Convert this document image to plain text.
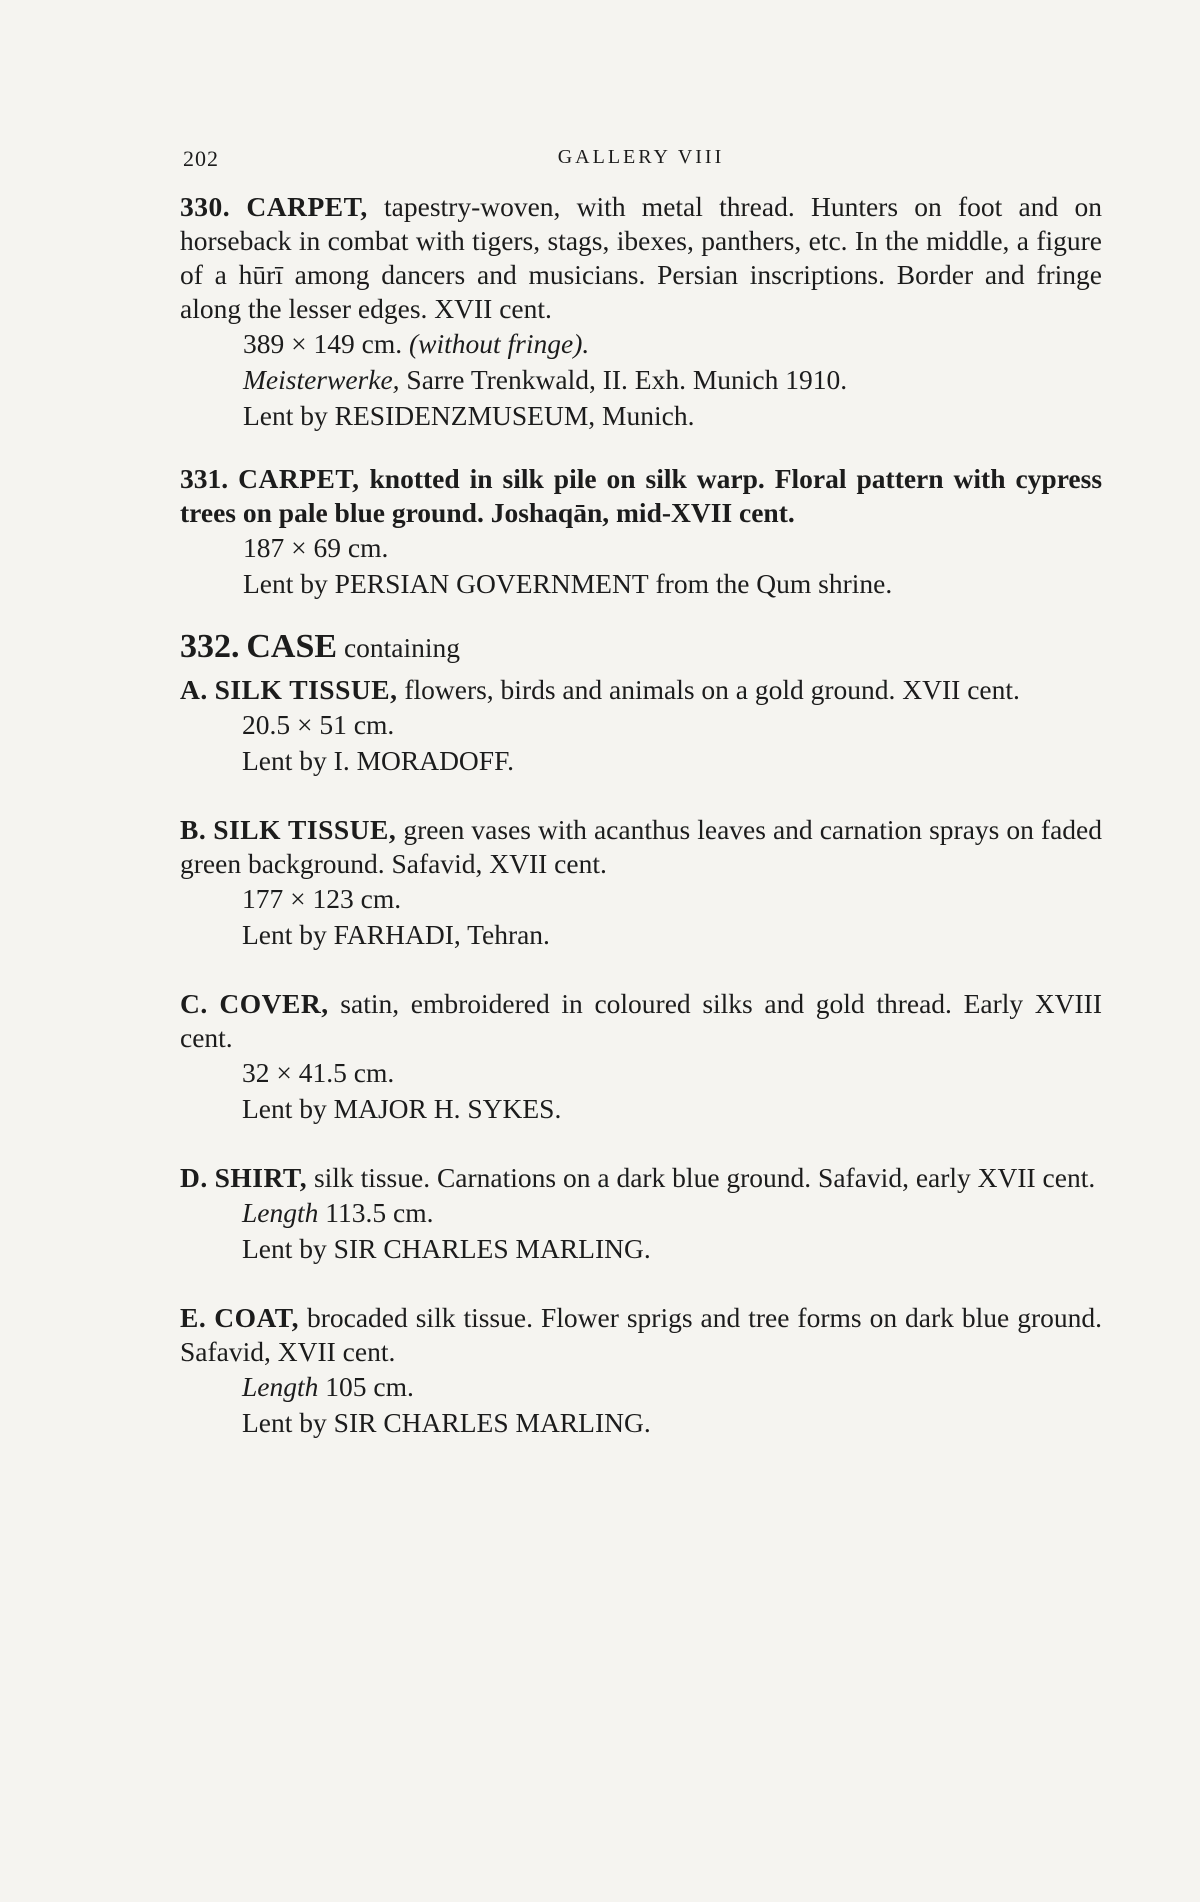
202	GALLERY VIII

330. CARPET, tapestry-woven, with metal thread. Hunters on foot and on horseback in combat with tigers, stags, ibexes, panthers, etc. In the middle, a figure of a hūrī among dancers and musicians. Persian inscriptions. Border and fringe along the lesser edges. XVII cent.

389 × 149 cm. (without fringe).
Meisterwerke, Sarre Trenkwald, II. Exh. Munich 1910.
Lent by RESIDENZMUSEUM, Munich.

331. CARPET, knotted in silk pile on silk warp. Floral pattern with cypress trees on pale blue ground. Joshaqān, mid-XVII cent.

187 × 69 cm.
Lent by PERSIAN GOVERNMENT from the Qum shrine.

332. CASE containing

A. SILK TISSUE, flowers, birds and animals on a gold ground. XVII cent.

20.5 × 51 cm.
Lent by I. MORADOFF.

B. SILK TISSUE, green vases with acanthus leaves and carnation sprays on faded green background. Safavid, XVII cent.

177 × 123 cm.
Lent by FARHADI, Tehran.

C. COVER, satin, embroidered in coloured silks and gold thread. Early XVIII cent.

32 × 41.5 cm.
Lent by MAJOR H. SYKES.

D. SHIRT, silk tissue. Carnations on a dark blue ground. Safavid, early XVII cent.

Length 113.5 cm.
Lent by SIR CHARLES MARLING.

E. COAT, brocaded silk tissue. Flower sprigs and tree forms on dark blue ground. Safavid, XVII cent.

Length 105 cm.
Lent by SIR CHARLES MARLING.
